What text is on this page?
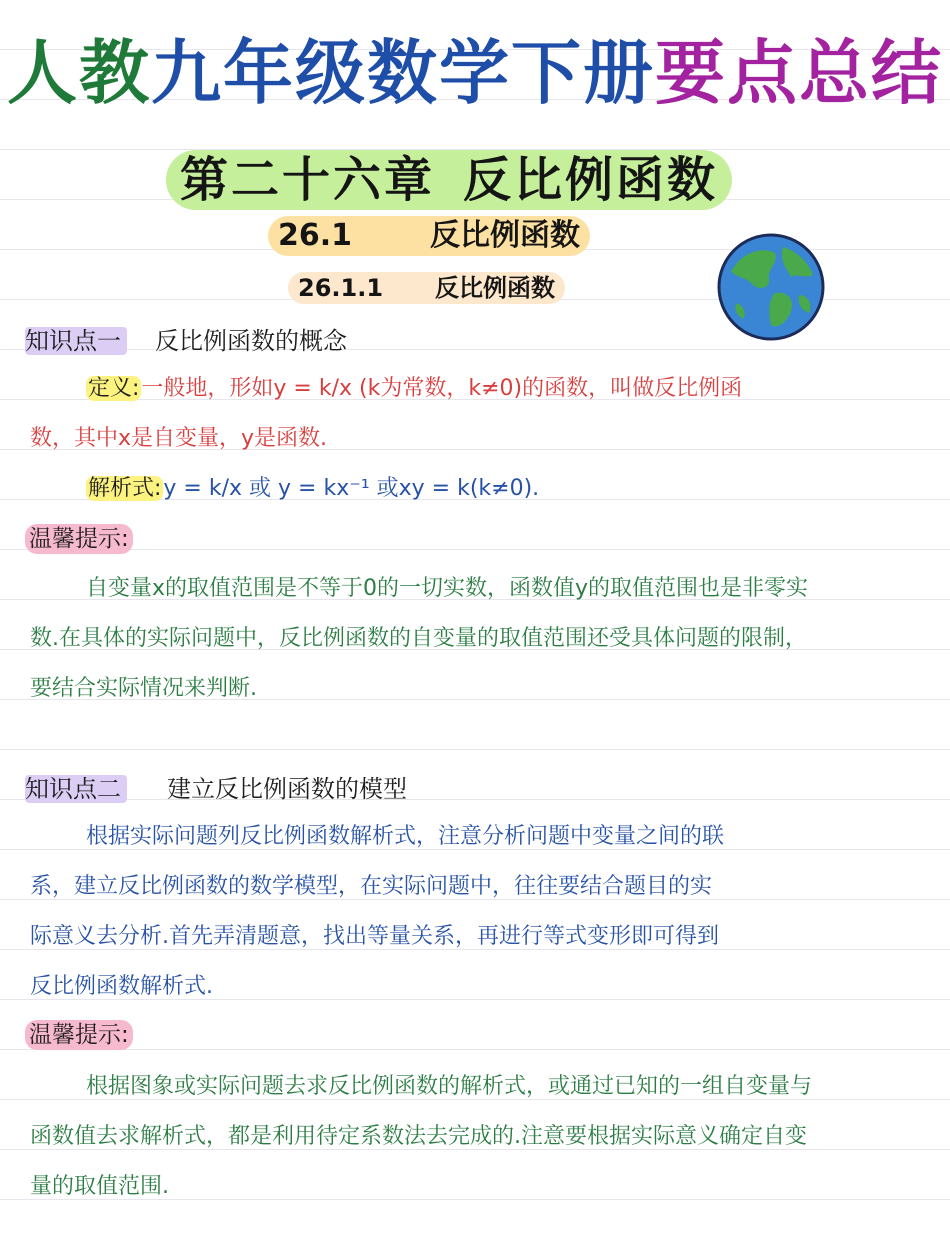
人教九年级数学下册要点总结
第二十六章 反比例函数
26.1	反比例函数
26.1.1 反比例函数
知识点一 反比例函数的概念
定义:一般地，形如y = k/x (k为常数，k≠0)的函数，叫做反比例函
数，其中x是自变量，y是函数.
解析式:y = k/x 或 y = kx⁻¹ 或xy = k(k≠0).
温馨提示:
自变量x的取值范围是不等于0的一切实数，函数值y的取值范围也是非零实
数.在具体的实际问题中，反比例函数的自变量的取值范围还受具体问题的限制，
要结合实际情况来判断.
知识点二 建立反比例函数的模型
根据实际问题列反比例函数解析式，注意分析问题中变量之间的联
系，建立反比例函数的数学模型，在实际问题中，往往要结合题目的实
际意义去分析.首先弄清题意，找出等量关系，再进行等式变形即可得到
反比例函数解析式.
温馨提示:
根据图象或实际问题去求反比例函数的解析式，或通过已知的一组自变量与
函数值去求解析式，都是利用待定系数法去完成的.注意要根据实际意义确定自变
量的取值范围.
